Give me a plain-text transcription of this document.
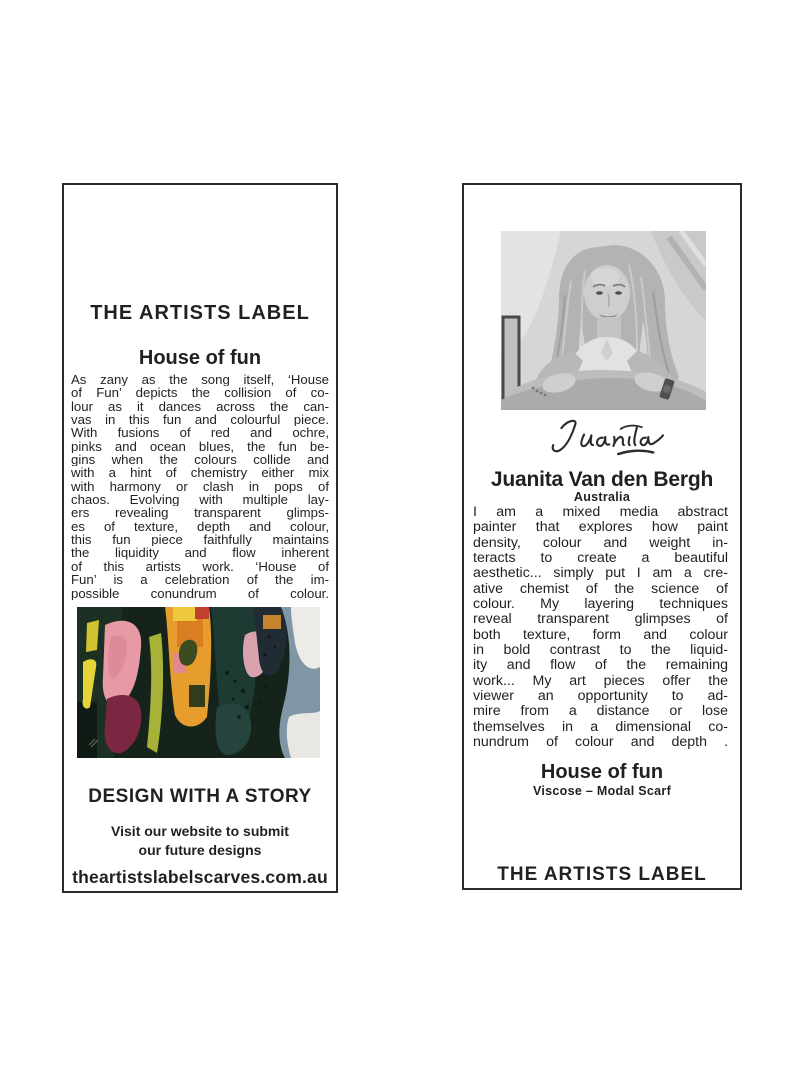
THE ARTISTS LABEL
House of fun
As zany as the song itself, ‘House
of Fun’ depicts the collision of co-
lour as it dances across the can-
vas in this fun and colourful piece.
With fusions of red and ochre,
pinks and ocean blues, the fun be-
gins when the colours collide and
with a hint of chemistry either mix
with harmony or clash in pops of
chaos. Evolving with multiple lay-
ers revealing transparent glimps-
es of texture, depth and colour,
this fun piece faithfully maintains
the liquidity and flow inherent
of this artists work. ‘House of
Fun’ is a celebration of the im-
possible conundrum of colour.
DESIGN WITH A STORY
Visit our website to submit
our future designs
theartistslabelscarves.com.au
Juanita Van den Bergh
Australia
I am a mixed media abstract
painter that explores how paint
density, colour and weight in-
teracts to create a beautiful
aesthetic... simply put I am a cre-
ative chemist of the science of
colour. My layering techniques
reveal transparent glimpses of
both texture, form and colour
in bold contrast to the liquid-
ity and flow of the remaining
work... My art pieces offer the
viewer an opportunity to ad-
mire from a distance or lose
themselves in a dimensional co-
nundrum of colour and depth .
House of fun
Viscose – Modal Scarf
THE ARTISTS LABEL
